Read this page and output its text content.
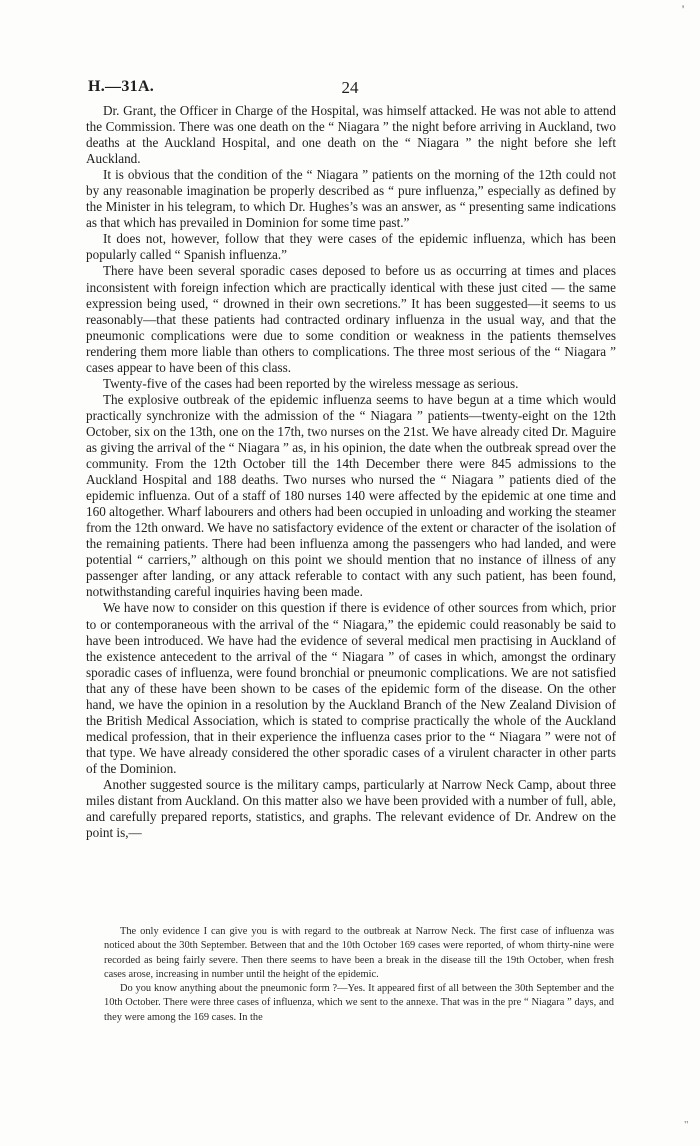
'
H.—31A.	24

Dr. Grant, the Officer in Charge of the Hospital, was himself attacked. He was not able to attend the Commission. There was one death on the “ Niagara ” the night before arriving in Auckland, two deaths at the Auckland Hospital, and one death on the “ Niagara ” the night before she left Auckland.

It is obvious that the condition of the “ Niagara ” patients on the morning of the 12th could not by any reasonable imagination be properly described as “ pure influenza,” especially as defined by the Minister in his telegram, to which Dr. Hughes’s was an answer, as “ presenting same indications as that which has prevailed in Dominion for some time past.”

It does not, however, follow that they were cases of the epidemic influenza, which has been popularly called “ Spanish influenza.”

There have been several sporadic cases deposed to before us as occurring at times and places inconsistent with foreign infection which are practically identical with these just cited — the same expression being used, “ drowned in their own secretions.” It has been suggested—it seems to us reasonably—that these patients had contracted ordinary influenza in the usual way, and that the pneumonic complications were due to some condition or weakness in the patients themselves rendering them more liable than others to complications. The three most serious of the “ Niagara ” cases appear to have been of this class.

Twenty-five of the cases had been reported by the wireless message as serious.

The explosive outbreak of the epidemic influenza seems to have begun at a time which would practically synchronize with the admission of the “ Niagara ” patients—twenty-eight on the 12th October, six on the 13th, one on the 17th, two nurses on the 21st. We have already cited Dr. Maguire as giving the arrival of the “ Niagara ” as, in his opinion, the date when the outbreak spread over the community. From the 12th October till the 14th December there were 845 admissions to the Auckland Hospital and 188 deaths. Two nurses who nursed the “ Niagara ” patients died of the epidemic influenza. Out of a staff of 180 nurses 140 were affected by the epidemic at one time and 160 altogether. Wharf labourers and others had been occupied in unloading and working the steamer from the 12th onward. We have no satisfactory evidence of the extent or character of the isolation of the remaining patients. There had been influenza among the passengers who had landed, and were potential “ carriers,” although on this point we should mention that no instance of illness of any passenger after landing, or any attack referable to contact with any such patient, has been found, notwithstanding careful inquiries having been made.

We have now to consider on this question if there is evidence of other sources from which, prior to or contemporaneous with the arrival of the “ Niagara,” the epidemic could reasonably be said to have been introduced. We have had the evidence of several medical men practising in Auckland of the existence antecedent to the arrival of the “ Niagara ” of cases in which, amongst the ordinary sporadic cases of influenza, were found bronchial or pneumonic complications. We are not satisfied that any of these have been shown to be cases of the epidemic form of the disease. On the other hand, we have the opinion in a resolution by the Auckland Branch of the New Zealand Division of the British Medical Association, which is stated to comprise practically the whole of the Auckland medical profession, that in their experience the influenza cases prior to the “ Niagara ” were not of that type. We have already considered the other sporadic cases of a virulent character in other parts of the Dominion.

Another suggested source is the military camps, particularly at Narrow Neck Camp, about three miles distant from Auckland. On this matter also we have been provided with a number of full, able, and carefully prepared reports, statistics, and graphs. The relevant evidence of Dr. Andrew on the point is,—

The only evidence I can give you is with regard to the outbreak at Narrow Neck. The first case of influenza was noticed about the 30th September. Between that and the 10th October 169 cases were reported, of whom thirty-nine were recorded as being fairly severe. Then there seems to have been a break in the disease till the 19th October, when fresh cases arose, increasing in number until the height of the epidemic.

Do you know anything about the pneumonic form ?—Yes. It appeared first of all between the 30th September and the 10th October. There were three cases of influenza, which we sent to the annexe. That was in the pre “ Niagara ” days, and they were among the 169 cases. In the

"
